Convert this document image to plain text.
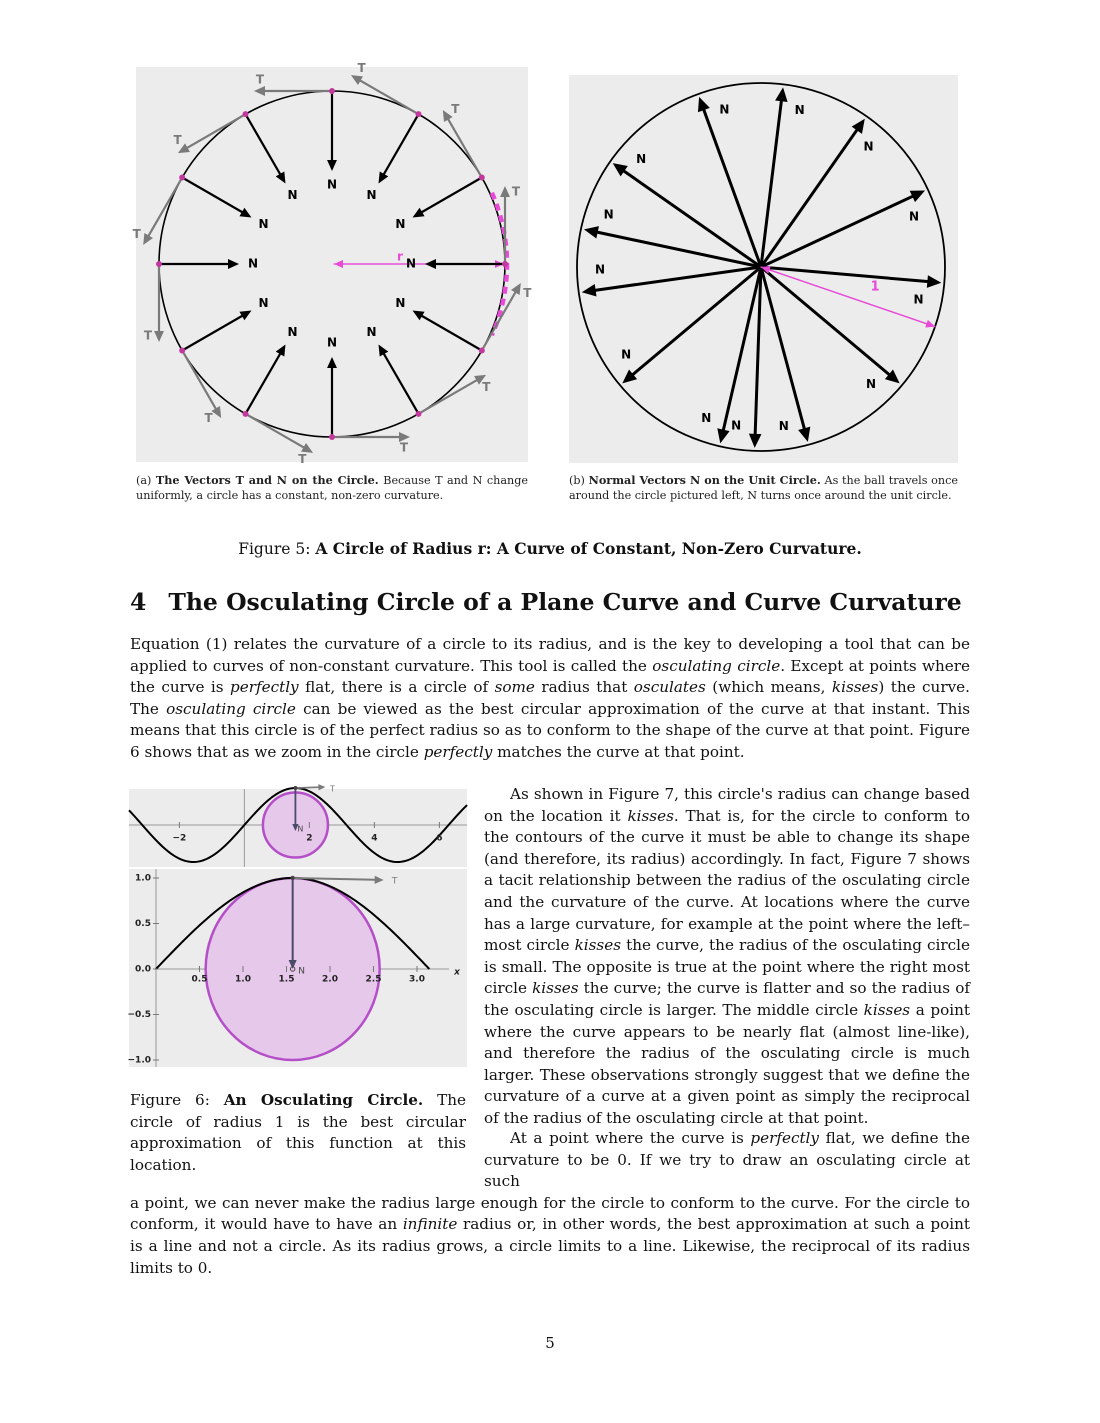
r
N
T
N
T
N
T
N
T
N
T
N
T
N
T
N
T
N
T
N
T
N
T
N
T
(a) The Vectors T and N on the Circle. Because T and N change uniformly, a circle has a constant, non-zero curvature.
N
N
N
N
N
N
N
N
N
N
N
N
N
1
(b) Normal Vectors N on the Unit Circle. As the ball travels once around the circle pictured left, N turns once around the unit circle.
Figure 5: A Circle of Radius r: A Curve of Constant, Non-Zero Curvature.
4 The Osculating Circle of a Plane Curve and Curve Curvature
Equation (1) relates the curvature of a circle to its radius, and is the key to developing a tool that can be applied to curves of non-constant curvature. This tool is called the osculating circle. Except at points where the curve is perfectly flat, there is a circle of some radius that osculates (which means, kisses) the curve. The osculating circle can be viewed as the best circular approximation of the curve at that instant. This means that this circle is of the perfect radius so as to conform to the shape of the curve at that point. Figure 6 shows that as we zoom in the circle perfectly matches the curve at that point.
−2	2	4	6
T
N
0.5	1.0	1.5	2.0	2.5	3.0
1.0
0.5
0.0
−0.5
−1.0
x
T
N
Figure 6: An Osculating Circle. The circle of radius 1 is the best circular approximation of this function at this location.
As shown in Figure 7, this circle's radius can change based on the location it kisses. That is, for the circle to conform to the contours of the curve it must be able to change its shape (and therefore, its radius) accordingly. In fact, Figure 7 shows a tacit relationship between the radius of the osculating circle and the curvature of the curve. At locations where the curve has a large curvature, for example at the point where the left–most circle kisses the curve, the radius of the osculating circle is small. The opposite is true at the point where the right most circle kisses the curve; the curve is flatter and so the radius of the osculating circle is larger. The middle circle kisses a point where the curve appears to be nearly flat (almost line-like), and therefore the radius of the osculating circle is much larger. These observations strongly suggest that we define the curvature of a curve at a given point as simply the reciprocal of the radius of the osculating circle at that point.
At a point where the curve is perfectly flat, we define the curvature to be 0. If we try to draw an osculating circle at such
a point, we can never make the radius large enough for the circle to conform to the curve. For the circle to conform, it would have to have an infinite radius or, in other words, the best approximation at such a point is a line and not a circle. As its radius grows, a circle limits to a line. Likewise, the reciprocal of its radius limits to 0.
5
